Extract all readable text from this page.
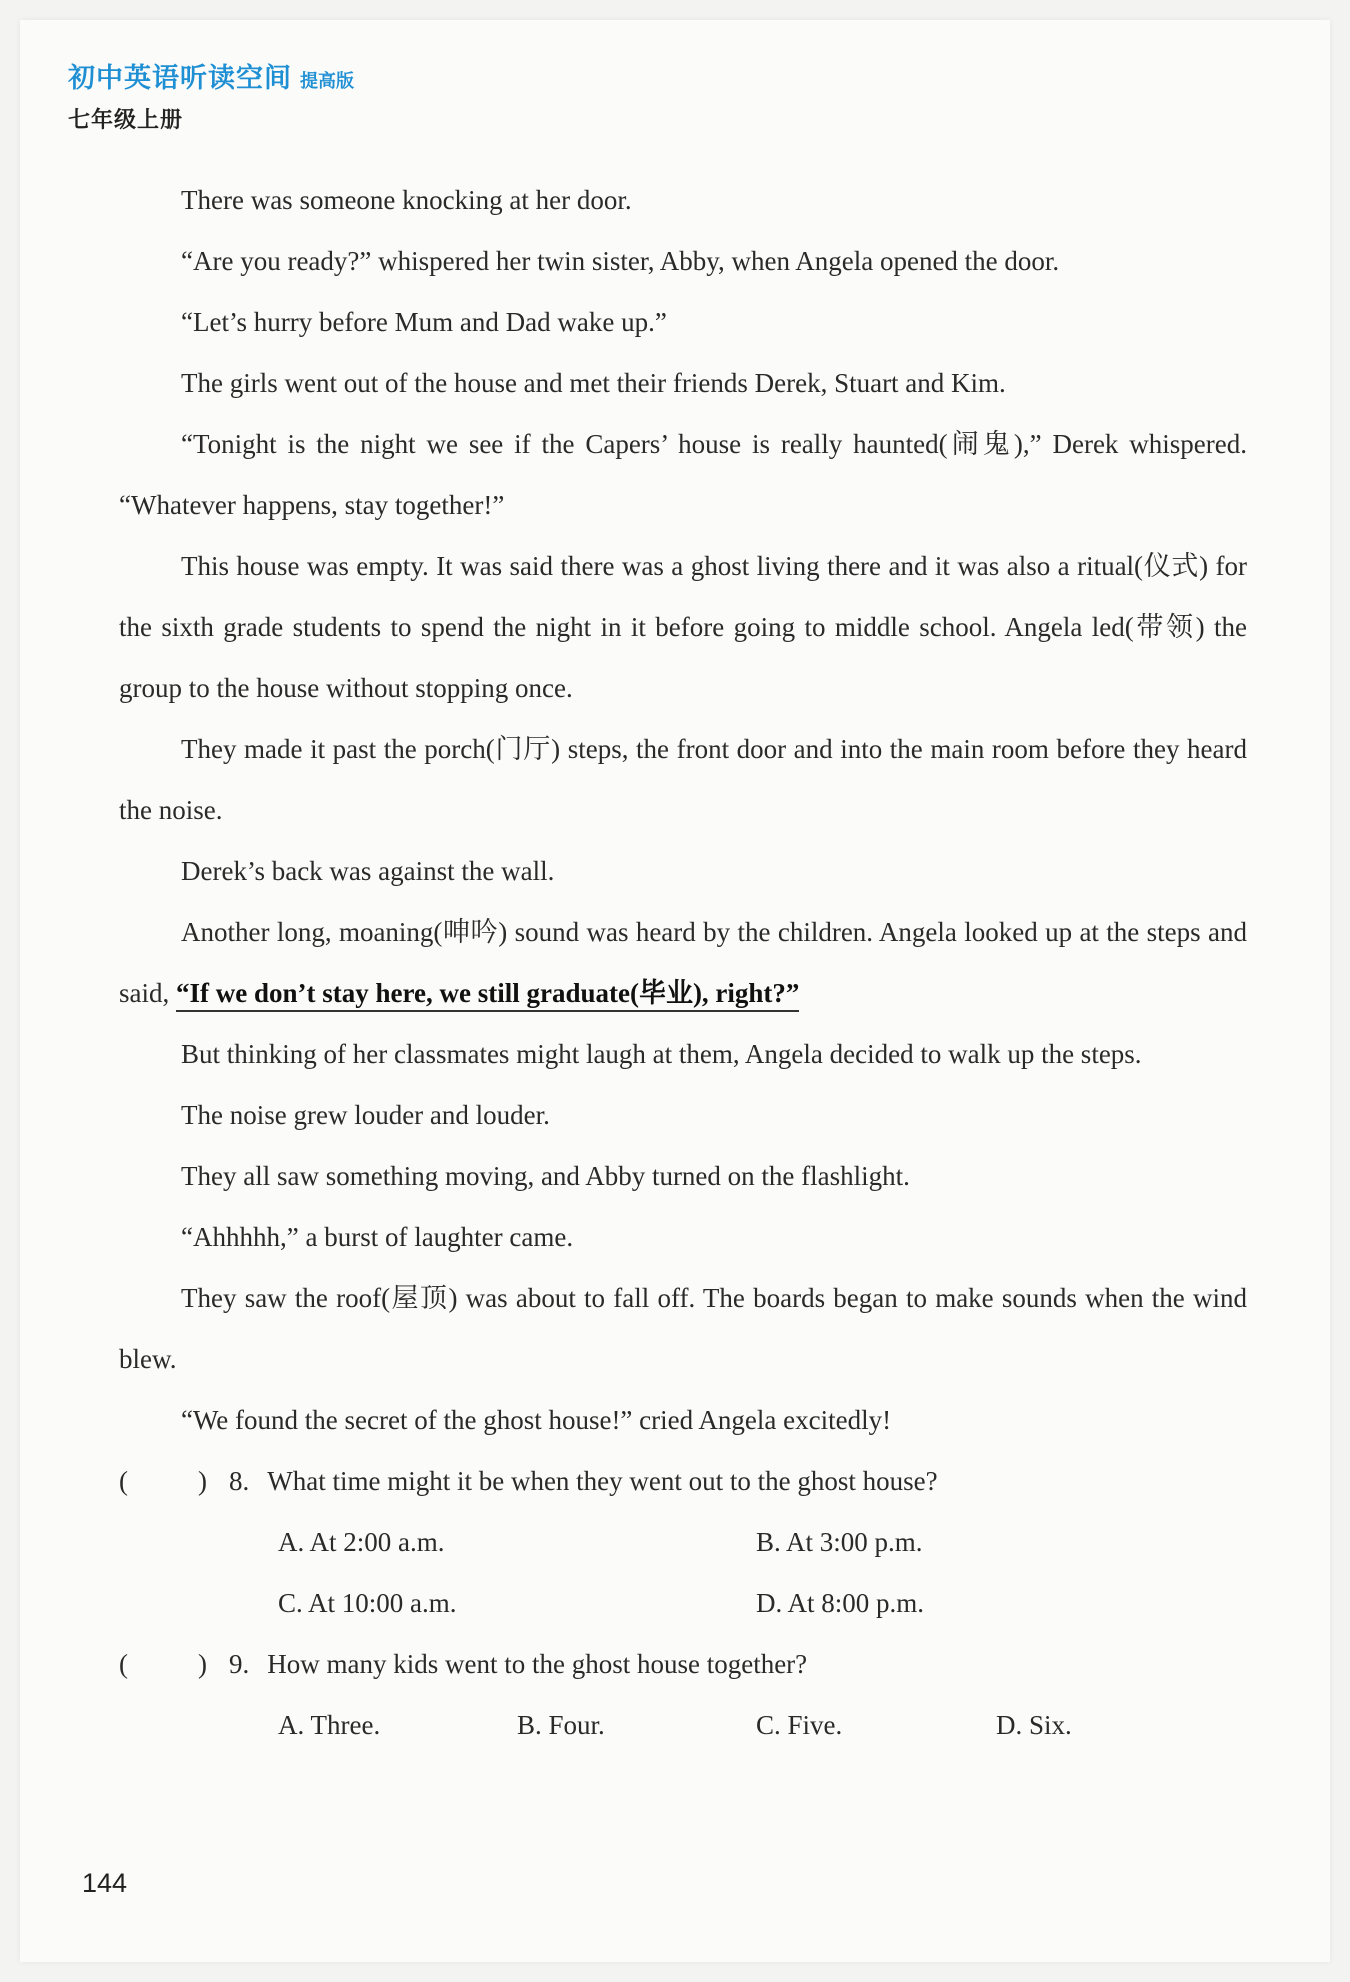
初中英语听读空间 提高版
七年级上册

There was someone knocking at her door.

“Are you ready?” whispered her twin sister, Abby, when Angela opened the door.

“Let’s hurry before Mum and Dad wake up.”

The girls went out of the house and met their friends Derek, Stuart and Kim.

“Tonight is the night we see if the Capers’ house is really haunted(闹鬼),” Derek whispered. “Whatever happens, stay together!”

This house was empty. It was said there was a ghost living there and it was also a ritual(仪式) for the sixth grade students to spend the night in it before going to middle school. Angela led(带领) the group to the house without stopping once.

They made it past the porch(门厅) steps, the front door and into the main room before they heard the noise.

Derek’s back was against the wall.

Another long, moaning(呻吟) sound was heard by the children. Angela looked up at the steps and said, “If we don’t stay here, we still graduate(毕业), right?”

But thinking of her classmates might laugh at them, Angela decided to walk up the steps.

The noise grew louder and louder.

They all saw something moving, and Abby turned on the flashlight.

“Ahhhhh,” a burst of laughter came.

They saw the roof(屋顶) was about to fall off. The boards began to make sounds when the wind blew.

“We found the secret of the ghost house!” cried Angela excitedly!

(	) 8. What time might it be when they went out to the ghost house?

A. At 2:00 a.m.	B. At 3:00 p.m.
C. At 10:00 a.m.	D. At 8:00 p.m.

(	) 9. How many kids went to the ghost house together?

A. Three.	B. Four.	C. Five.	D. Six.
144
